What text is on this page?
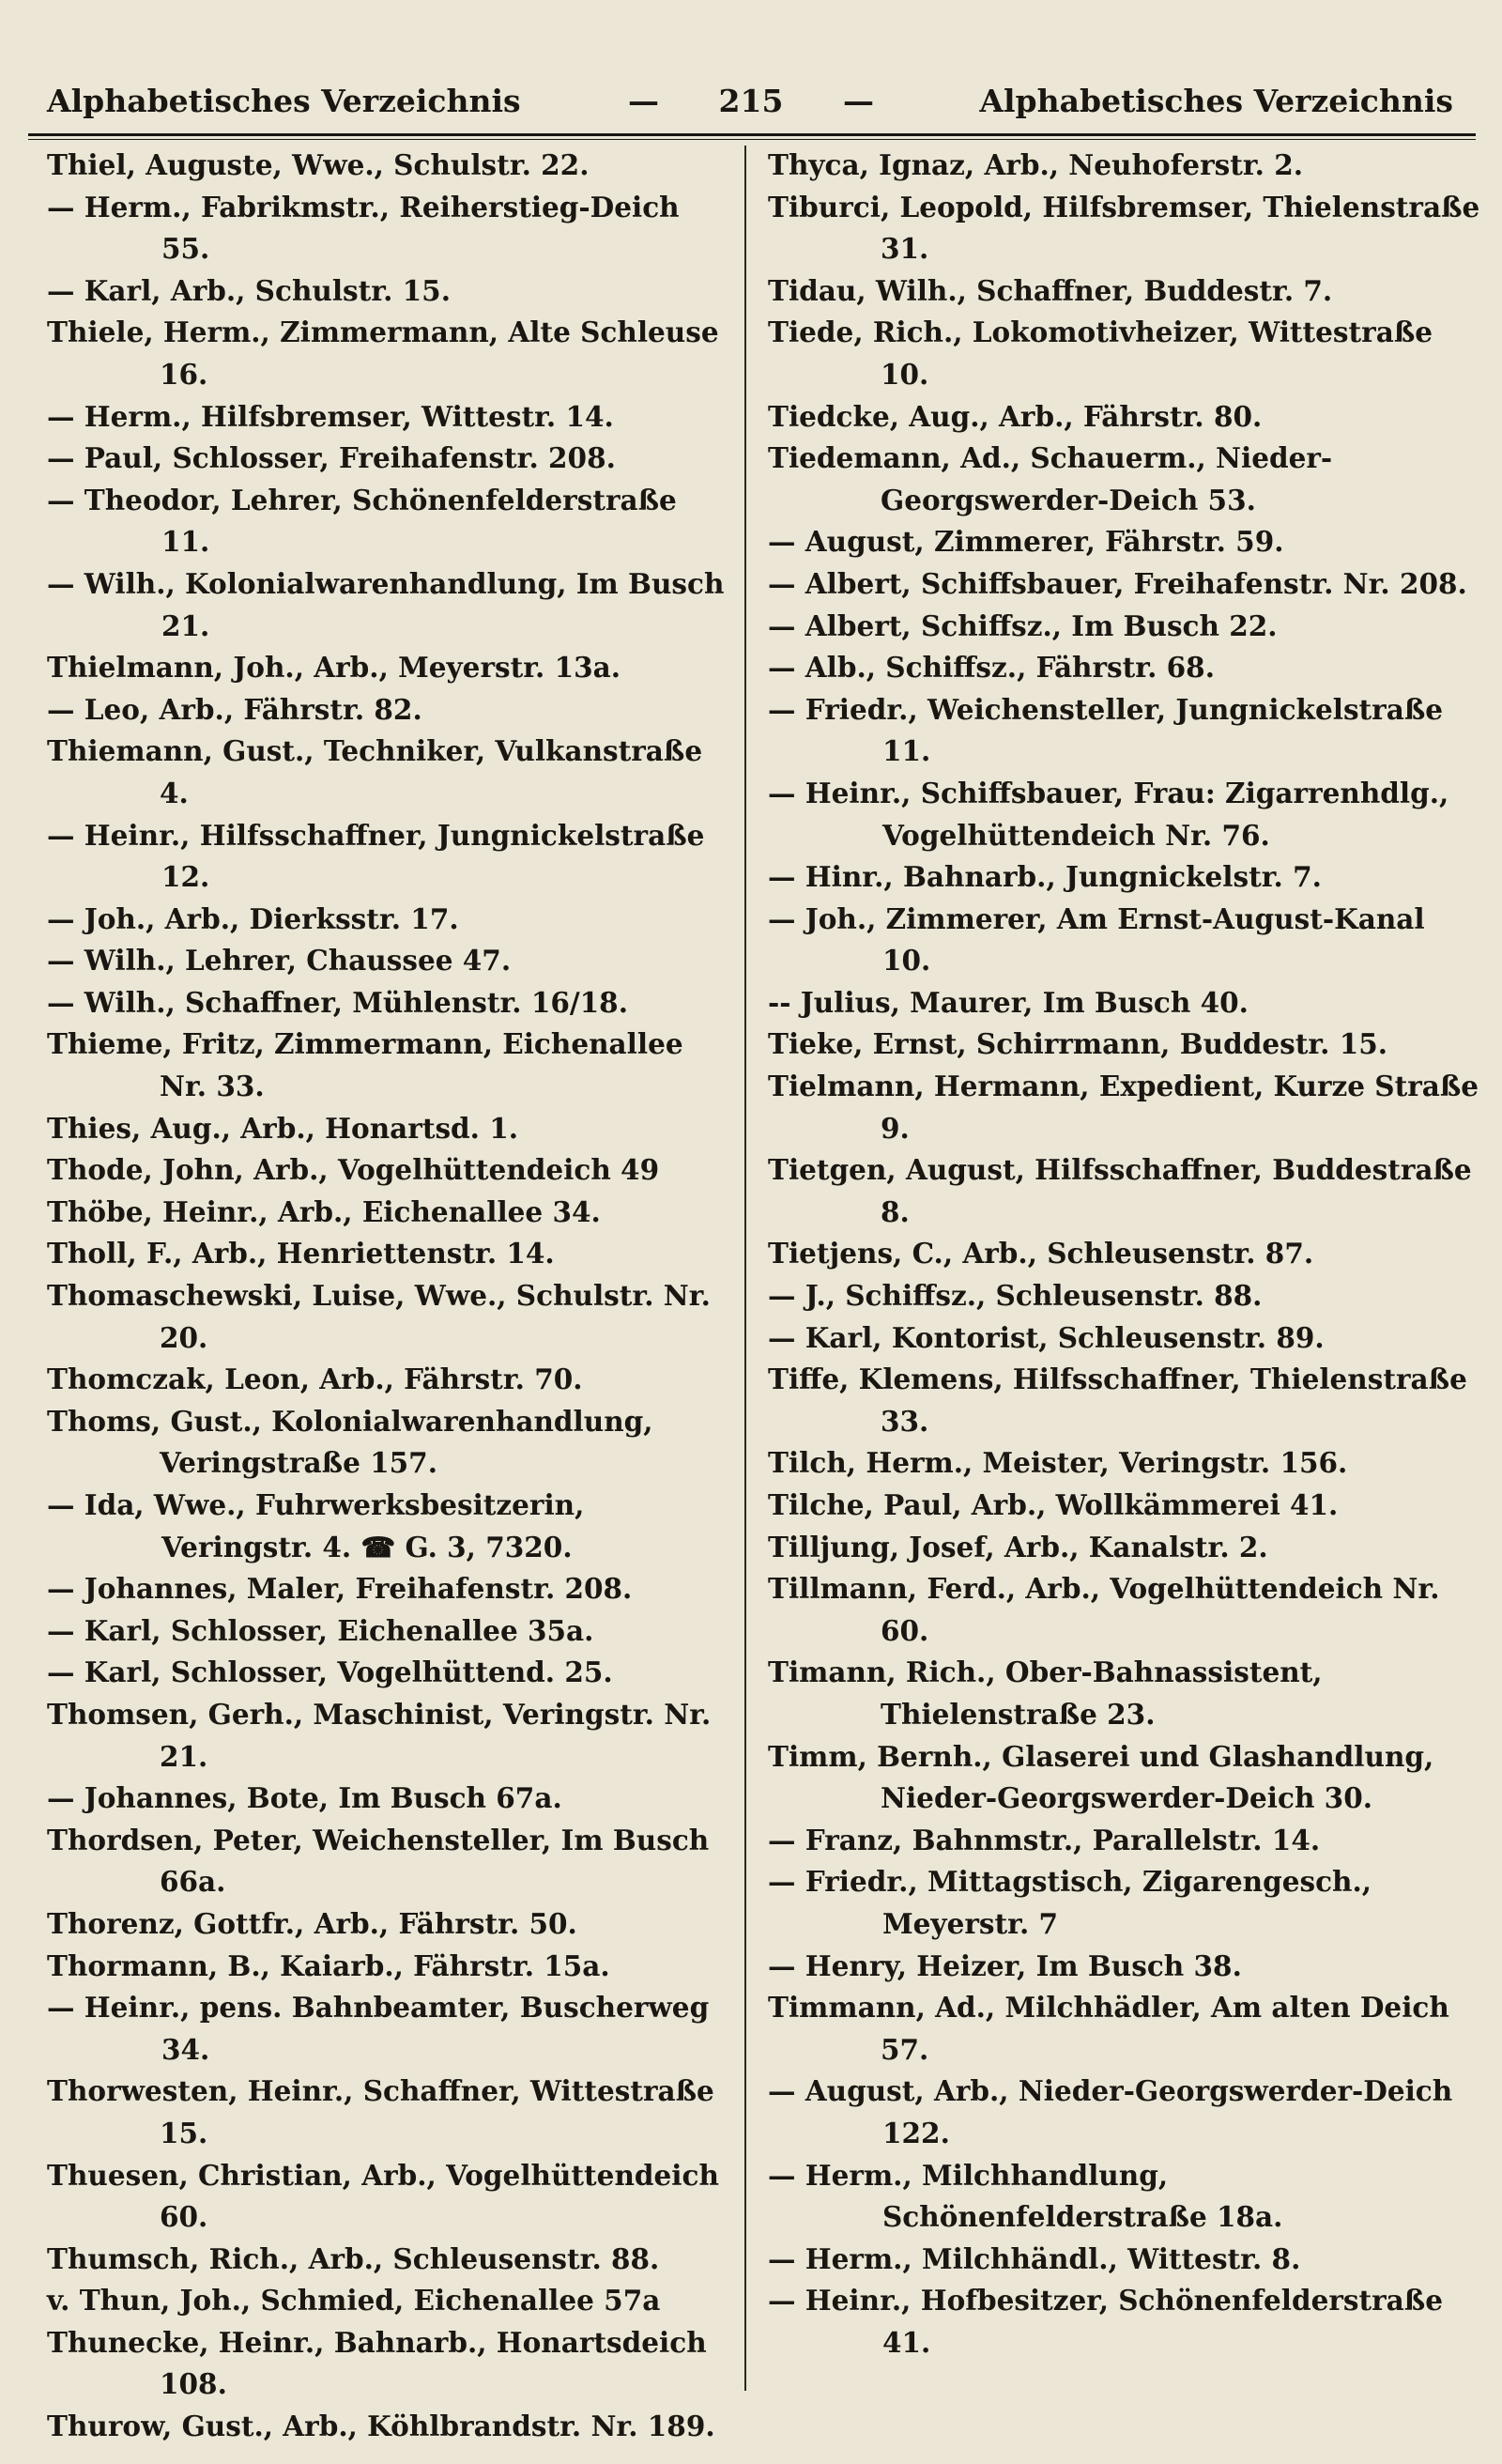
Alphabetisches Verzeichnis	— 215 —	Alphabetisches Verzeichnis
Thiel, Auguste, Wwe., Schulstr. 22.
— Herm., Fabrikmstr., Reiherstieg-Deich 55.
— Karl, Arb., Schulstr. 15.
Thiele, Herm., Zimmermann, Alte Schleuse 16.
— Herm., Hilfsbremser, Wittestr. 14.
— Paul, Schlosser, Freihafenstr. 208.
— Theodor, Lehrer, Schönenfelderstraße 11.
— Wilh., Kolonialwarenhandlung, Im Busch 21.
Thielmann, Joh., Arb., Meyerstr. 13a.
— Leo, Arb., Fährstr. 82.
Thiemann, Gust., Techniker, Vulkanstraße 4.
— Heinr., Hilfsschaffner, Jungnickelstraße 12.
— Joh., Arb., Dierksstr. 17.
— Wilh., Lehrer, Chaussee 47.
— Wilh., Schaffner, Mühlenstr. 16/18.
Thieme, Fritz, Zimmermann, Eichenallee Nr. 33.
Thies, Aug., Arb., Honartsd. 1.
Thode, John, Arb., Vogelhüttendeich 49
Thöbe, Heinr., Arb., Eichenallee 34.
Tholl, F., Arb., Henriettenstr. 14.
Thomaschewski, Luise, Wwe., Schulstr. Nr. 20.
Thomczak, Leon, Arb., Fährstr. 70.
Thoms, Gust., Kolonialwarenhandlung, Veringstraße 157.
— Ida, Wwe., Fuhrwerksbesitzerin, Veringstr. 4. ☎ G. 3, 7320.
— Johannes, Maler, Freihafenstr. 208.
— Karl, Schlosser, Eichenallee 35a.
— Karl, Schlosser, Vogelhüttend. 25.
Thomsen, Gerh., Maschinist, Veringstr. Nr. 21.
— Johannes, Bote, Im Busch 67a.
Thordsen, Peter, Weichensteller, Im Busch 66a.
Thorenz, Gottfr., Arb., Fährstr. 50.
Thormann, B., Kaiarb., Fährstr. 15a.
— Heinr., pens. Bahnbeamter, Buscherweg 34.
Thorwesten, Heinr., Schaffner, Wittestraße 15.
Thuesen, Christian, Arb., Vogelhüttendeich 60.
Thumsch, Rich., Arb., Schleusenstr. 88.
v. Thun, Joh., Schmied, Eichenallee 57a
Thunecke, Heinr., Bahnarb., Honartsdeich 108.
Thurow, Gust., Arb., Köhlbrandstr. Nr. 189.
Thyca, Ignaz, Arb., Neuhoferstr. 2.
Tiburci, Leopold, Hilfsbremser, Thielenstraße 31.
Tidau, Wilh., Schaffner, Buddestr. 7.
Tiede, Rich., Lokomotivheizer, Wittestraße 10.
Tiedcke, Aug., Arb., Fährstr. 80.
Tiedemann, Ad., Schauerm., Nieder-Georgswerder-Deich 53.
— August, Zimmerer, Fährstr. 59.
— Albert, Schiffsbauer, Freihafenstr. Nr. 208.
— Albert, Schiffsz., Im Busch 22.
— Alb., Schiffsz., Fährstr. 68.
— Friedr., Weichensteller, Jungnickelstraße 11.
— Heinr., Schiffsbauer, Frau: Zigarrenhdlg., Vogelhüttendeich Nr. 76.
— Hinr., Bahnarb., Jungnickelstr. 7.
— Joh., Zimmerer, Am Ernst-August-Kanal 10.
-- Julius, Maurer, Im Busch 40.
Tieke, Ernst, Schirrmann, Buddestr. 15.
Tielmann, Hermann, Expedient, Kurze Straße 9.
Tietgen, August, Hilfsschaffner, Buddestraße 8.
Tietjens, C., Arb., Schleusenstr. 87.
— J., Schiffsz., Schleusenstr. 88.
— Karl, Kontorist, Schleusenstr. 89.
Tiffe, Klemens, Hilfsschaffner, Thielenstraße 33.
Tilch, Herm., Meister, Veringstr. 156.
Tilche, Paul, Arb., Wollkämmerei 41.
Tilljung, Josef, Arb., Kanalstr. 2.
Tillmann, Ferd., Arb., Vogelhüttendeich Nr. 60.
Timann, Rich., Ober-Bahnassistent, Thielenstraße 23.
Timm, Bernh., Glaserei und Glashandlung, Nieder-Georgswerder-Deich 30.
— Franz, Bahnmstr., Parallelstr. 14.
— Friedr., Mittagstisch, Zigarengesch., Meyerstr. 7
— Henry, Heizer, Im Busch 38.
Timmann, Ad., Milchhädler, Am alten Deich 57.
— August, Arb., Nieder-Georgswerder-Deich 122.
— Herm., Milchhandlung, Schönenfelderstraße 18a.
— Herm., Milchhändl., Wittestr. 8.
— Heinr., Hofbesitzer, Schönenfelderstraße 41.
